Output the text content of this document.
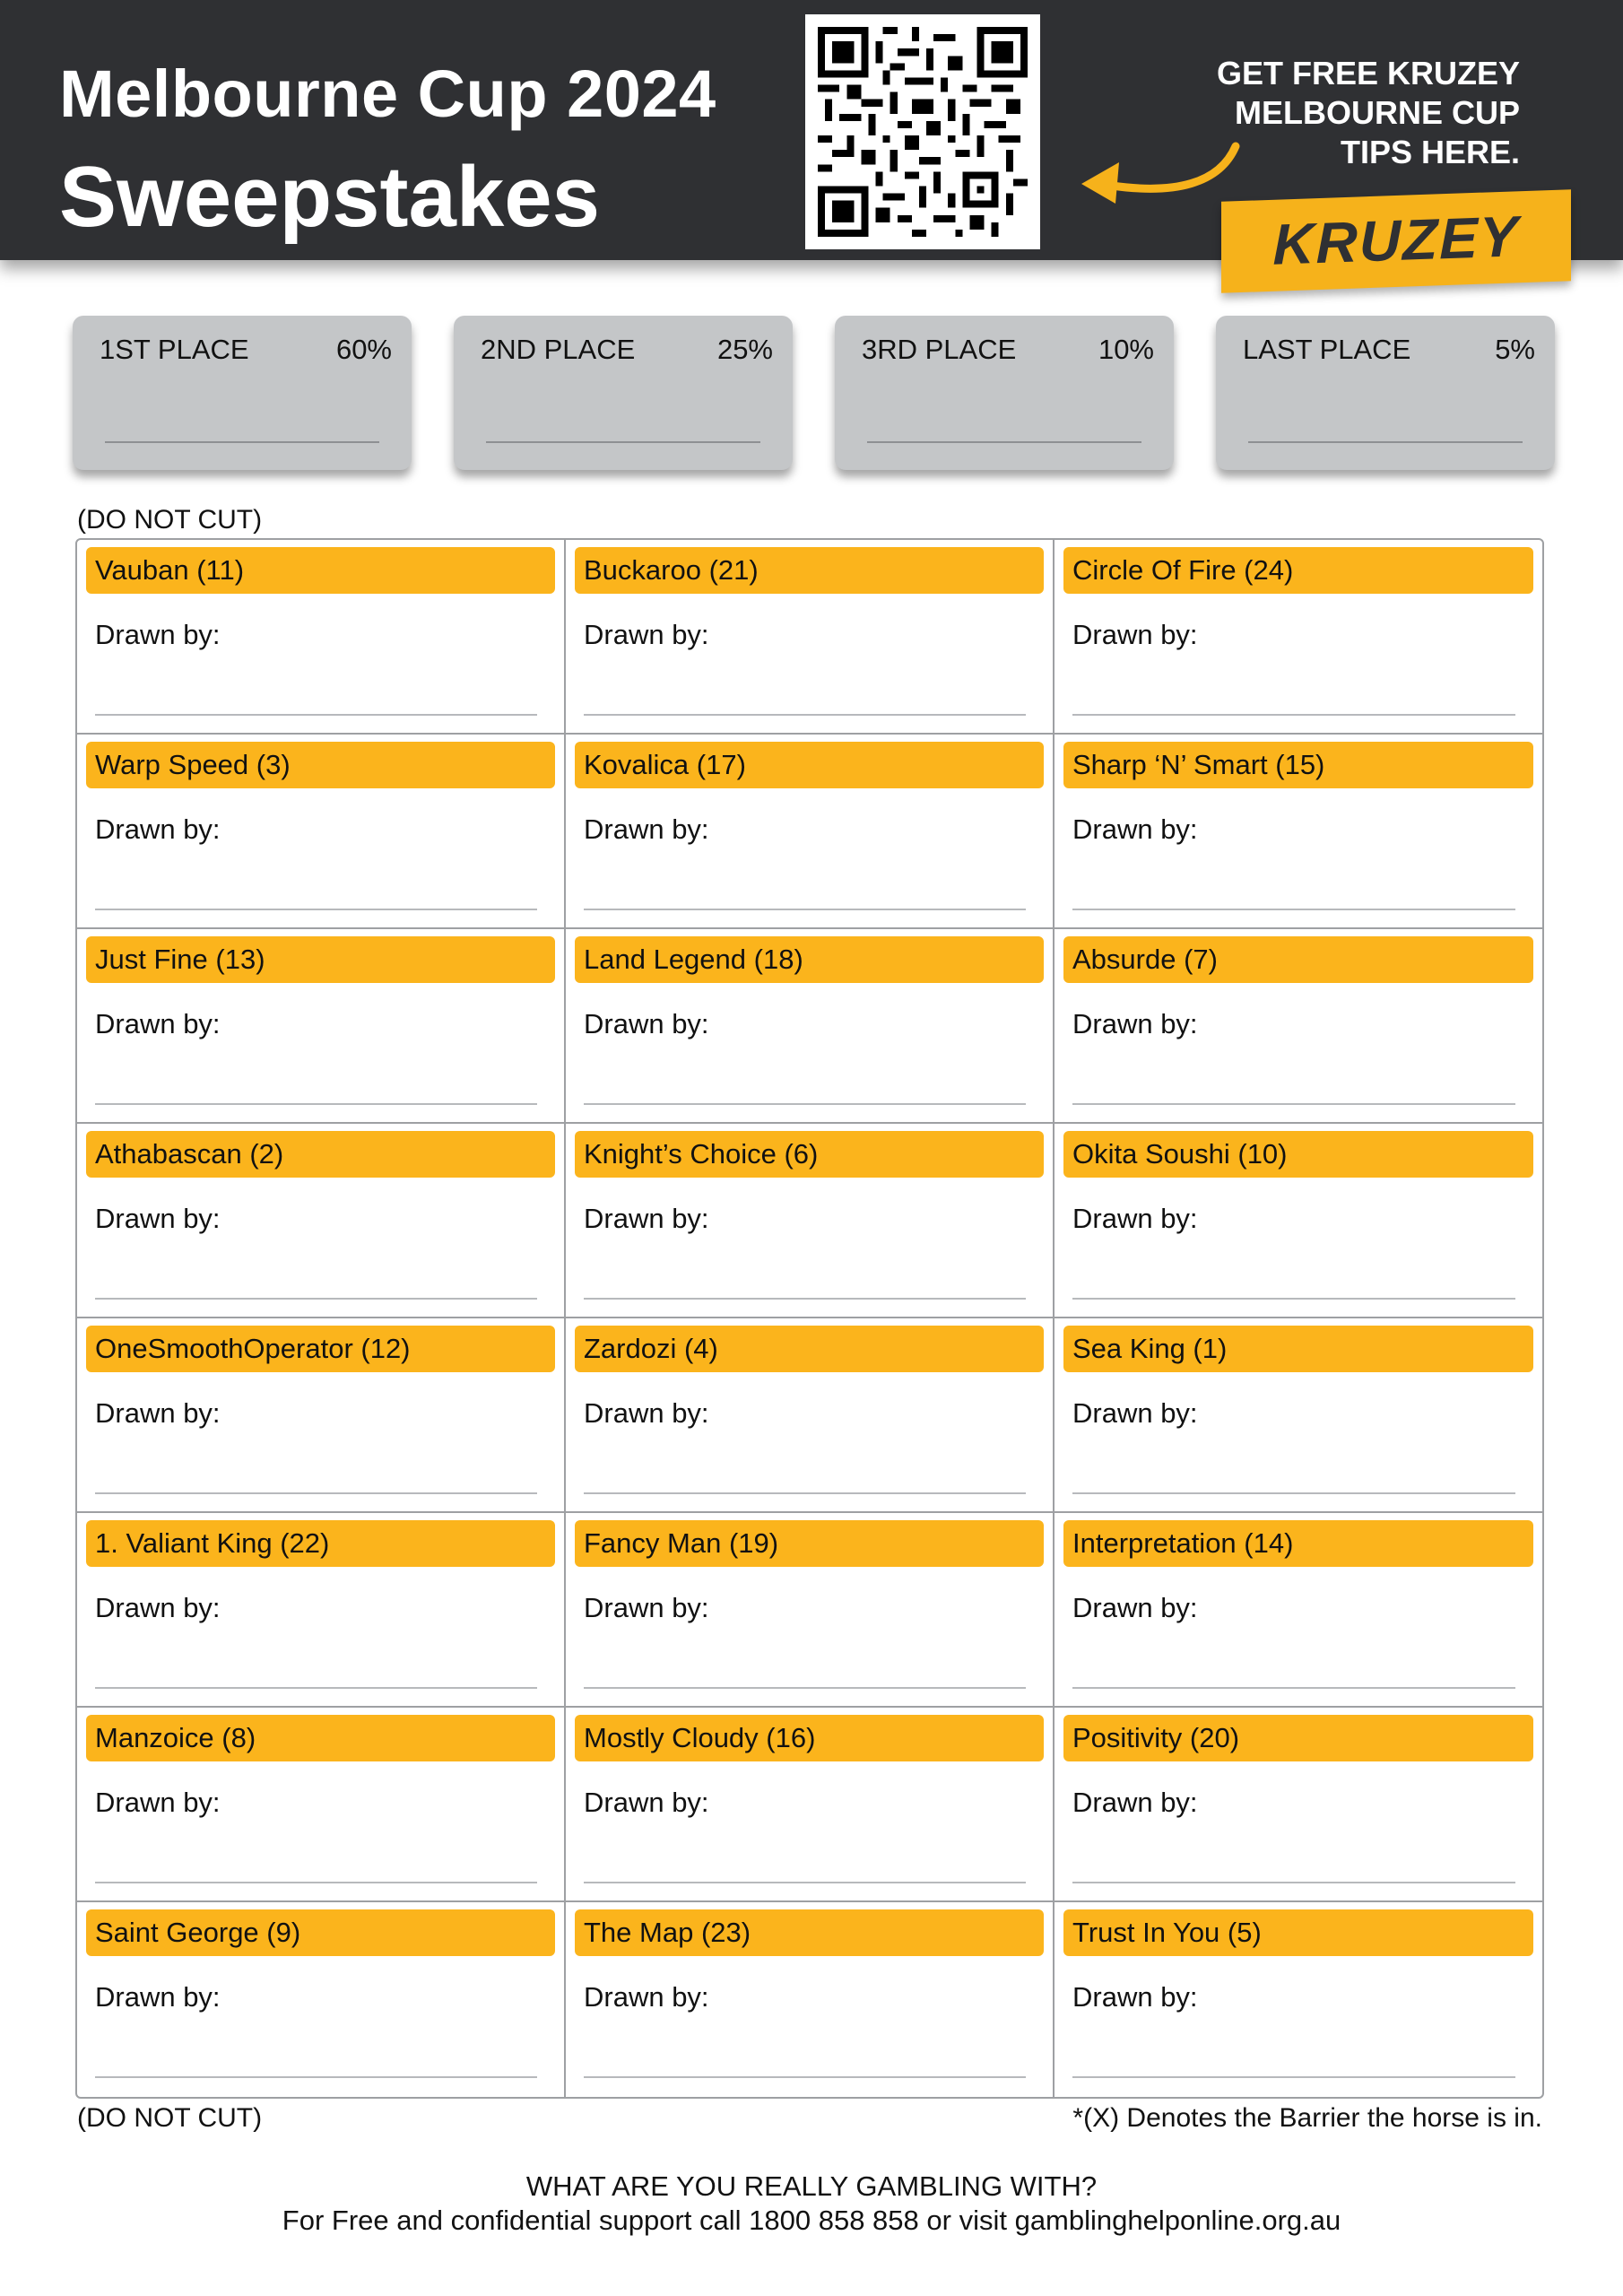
Melbourne Cup 2024
Sweepstakes
GET FREE KRUZEY
MELBOURNE CUP
TIPS HERE.
KRUZEY
1ST PLACE	60%	2ND PLACE	25%	3RD PLACE	10%	LAST PLACE	5%
(DO NOT CUT)
Vauban (11)
Drawn by:
Buckaroo (21)
Drawn by:
Circle Of Fire (24)
Drawn by:
Warp Speed (3)
Drawn by:
Kovalica (17)
Drawn by:
Sharp ‘N’ Smart (15)
Drawn by:
Just Fine (13)
Drawn by:
Land Legend (18)
Drawn by:
Absurde (7)
Drawn by:
Athabascan (2)
Drawn by:
Knight’s Choice (6)
Drawn by:
Okita Soushi (10)
Drawn by:
OneSmoothOperator (12)
Drawn by:
Zardozi (4)
Drawn by:
Sea King (1)
Drawn by:
1. Valiant King (22)
Drawn by:
Fancy Man (19)
Drawn by:
Interpretation (14)
Drawn by:
Manzoice (8)
Drawn by:
Mostly Cloudy (16)
Drawn by:
Positivity (20)
Drawn by:
Saint George (9)
Drawn by:
The Map (23)
Drawn by:
Trust In You (5)
Drawn by:
(DO NOT CUT)	*(X) Denotes the Barrier the horse is in.
WHAT ARE YOU REALLY GAMBLING WITH?
For Free and confidential support call 1800 858 858 or visit gamblinghelponline.org.au
